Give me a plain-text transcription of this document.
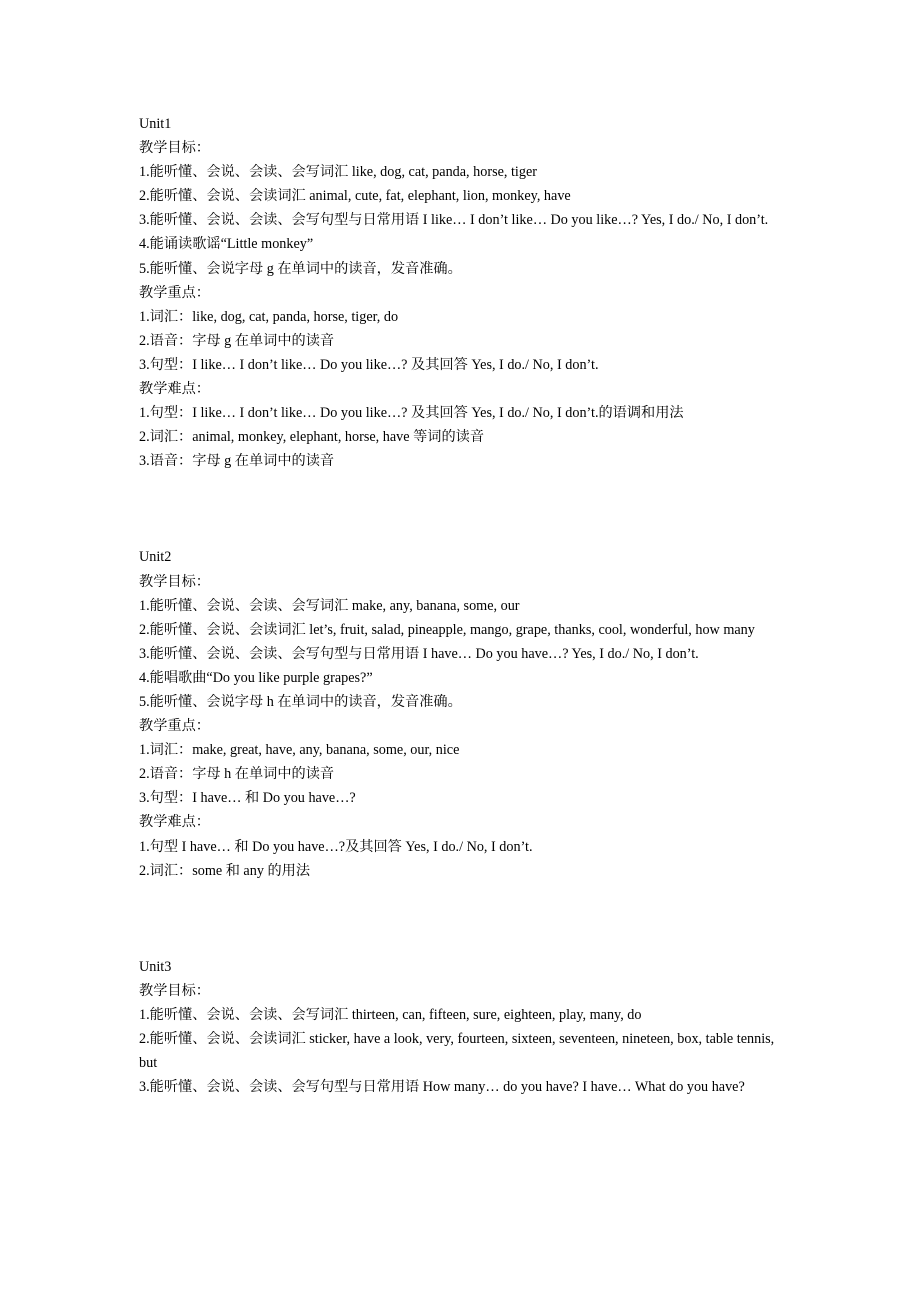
Unit1
教学目标：
1.能听懂、会说、会读、会写词汇 like, dog, cat, panda, horse, tiger
2.能听懂、会说、会读词汇 animal, cute, fat, elephant, lion, monkey, have
3.能听懂、会说、会读、会写句型与日常用语 I like… I don’t like… Do you like…? Yes, I do./ No, I don’t.
4.能诵读歌谣“Little monkey”
5.能听懂、会说字母 g 在单词中的读音，发音准确。
教学重点：
1.词汇：like, dog, cat, panda, horse, tiger, do
2.语音：字母 g 在单词中的读音
3.句型：I like… I don’t like… Do you like…? 及其回答 Yes, I do./ No, I don’t.
教学难点：
1.句型：I like… I don’t like… Do you like…? 及其回答 Yes, I do./ No, I don’t.的语调和用法
2.词汇：animal, monkey, elephant, horse, have 等词的读音
3.语音：字母 g 在单词中的读音
Unit2
教学目标：
1.能听懂、会说、会读、会写词汇 make, any, banana, some, our
2.能听懂、会说、会读词汇 let’s, fruit, salad, pineapple, mango, grape, thanks, cool, wonderful, how many
3.能听懂、会说、会读、会写句型与日常用语 I have… Do you have…? Yes, I do./ No, I don’t.
4.能唱歌曲“Do you like purple grapes?”
5.能听懂、会说字母 h 在单词中的读音，发音准确。
教学重点：
1.词汇：make, great, have, any, banana, some, our, nice
2.语音：字母 h 在单词中的读音
3.句型：I have… 和 Do you have…?
教学难点：
1.句型 I have… 和 Do you have…?及其回答 Yes, I do./ No, I don’t.
2.词汇：some 和 any 的用法
Unit3
教学目标：
1.能听懂、会说、会读、会写词汇 thirteen, can, fifteen, sure, eighteen, play, many, do
2.能听懂、会说、会读词汇 sticker, have a look, very, fourteen, sixteen, seventeen, nineteen, box, table tennis, but
3.能听懂、会说、会读、会写句型与日常用语 How many… do you have? I have… What do you have?
